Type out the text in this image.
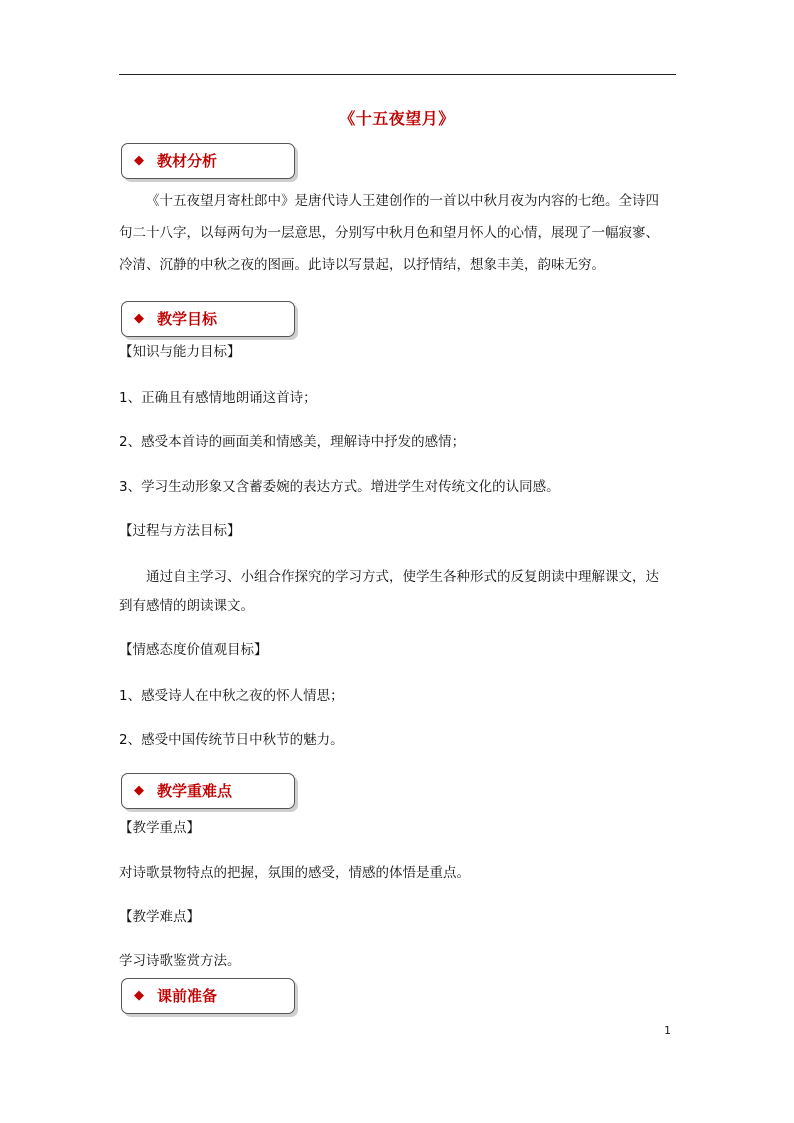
《十五夜望月》
◆ 教材分析
《十五夜望月寄杜郎中》是唐代诗人王建创作的一首以中秋月夜为内容的七绝。全诗四
句二十八字，以每两句为一层意思，分别写中秋月色和望月怀人的心情，展现了一幅寂寥、
冷清、沉静的中秋之夜的图画。此诗以写景起，以抒情结，想象丰美，韵味无穷。
◆ 教学目标
【知识与能力目标】
1、正确且有感情地朗诵这首诗；
2、感受本首诗的画面美和情感美，理解诗中抒发的感情；
3、学习生动形象又含蓄委婉的表达方式。增进学生对传统文化的认同感。
【过程与方法目标】
通过自主学习、小组合作探究的学习方式，使学生各种形式的反复朗读中理解课文，达
到有感情的朗读课文。
【情感态度价值观目标】
1、感受诗人在中秋之夜的怀人情思；
2、感受中国传统节日中秋节的魅力。
◆ 教学重难点
【教学重点】
对诗歌景物特点的把握，氛围的感受，情感的体悟是重点。
【教学难点】
学习诗歌鉴赏方法。
◆ 课前准备
1
